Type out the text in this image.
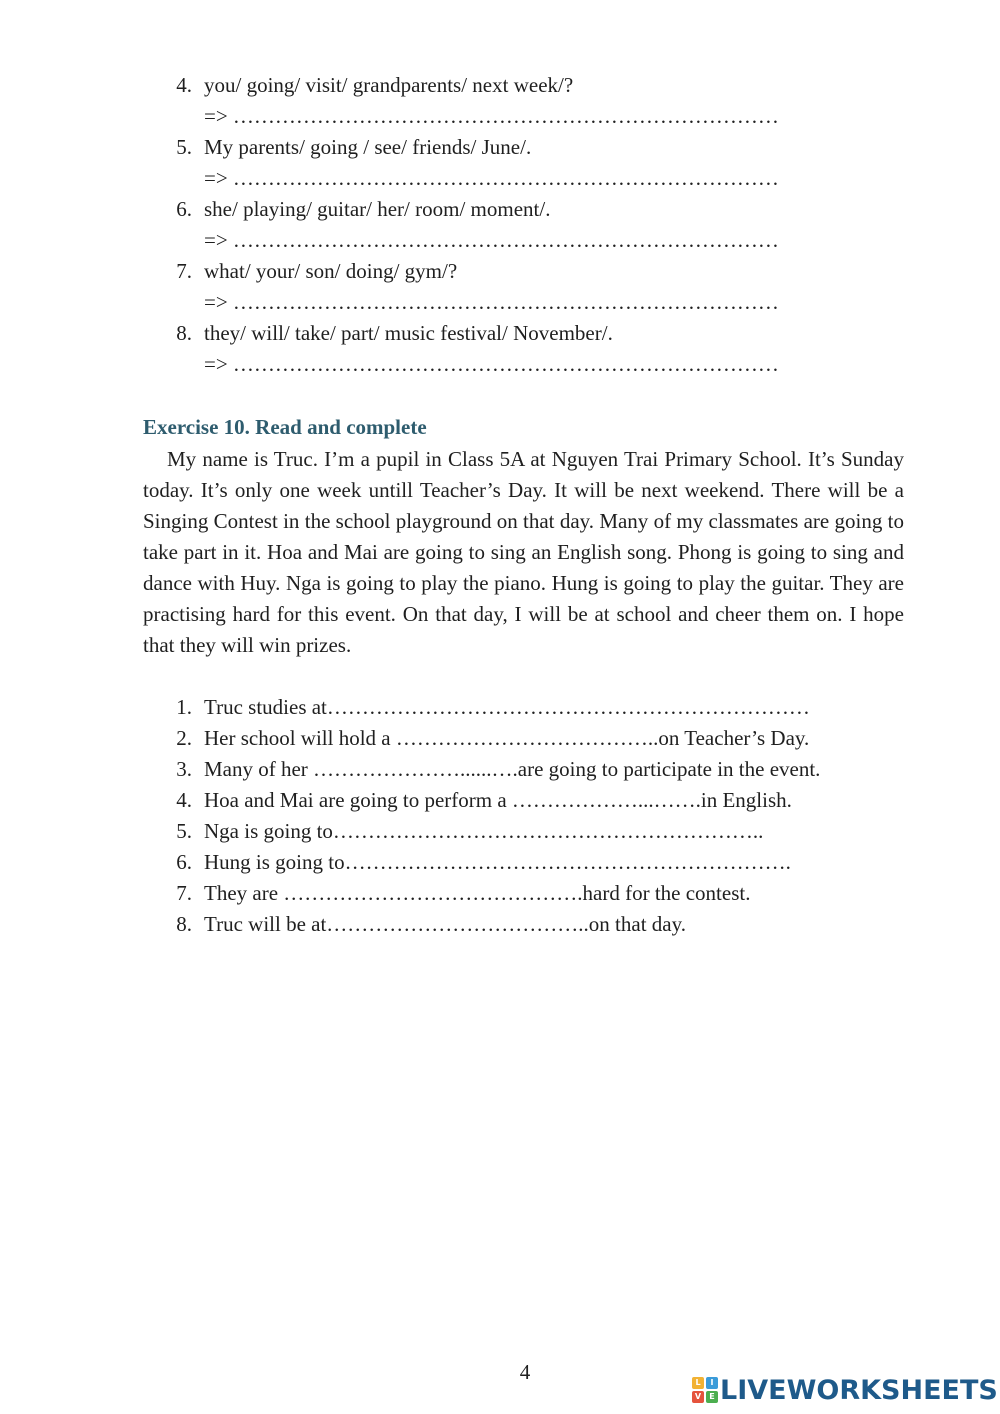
4. you/ going/ visit/ grandparents/ next week/?
=> ……………………………………………………………………
5. My parents/ going / see/ friends/ June/.
=> ……………………………………………………………………
6. she/ playing/ guitar/ her/ room/ moment/.
=> ……………………………………………………………………
7. what/ your/ son/ doing/ gym/?
=> ……………………………………………………………………
8. they/ will/ take/ part/ music festival/ November/.
=> ……………………………………………………………………
Exercise 10. Read and complete

My name is Truc. I’m a pupil in Class 5A at Nguyen Trai Primary School. It’s Sunday today. It’s only one week untill Teacher’s Day. It will be next weekend. There will be a Singing Contest in the school playground on that day. Many of my classmates are going to take part in it. Hoa and Mai are going to sing an English song. Phong is going to sing and dance with Huy. Nga is going to play the piano. Hung is going to play the guitar. They are practising hard for this event. On that day, I will be at school and cheer them on. I hope that they will win prizes.

1. Truc studies at……………………………………………………………
2. Her school will hold a ………………………………..on Teacher’s Day.
3. Many of her …………………......….are going to participate in the event.
4. Hoa and Mai are going to perform a ………………...…….in English.
5. Nga is going to……………………………………………………..
6. Hung is going to……………………………………………………….
7. They are …………………………………….hard for the contest.
8. Truc will be at………………………………..on that day.
4	L	I
V	E LIVEWORKSHEETS
